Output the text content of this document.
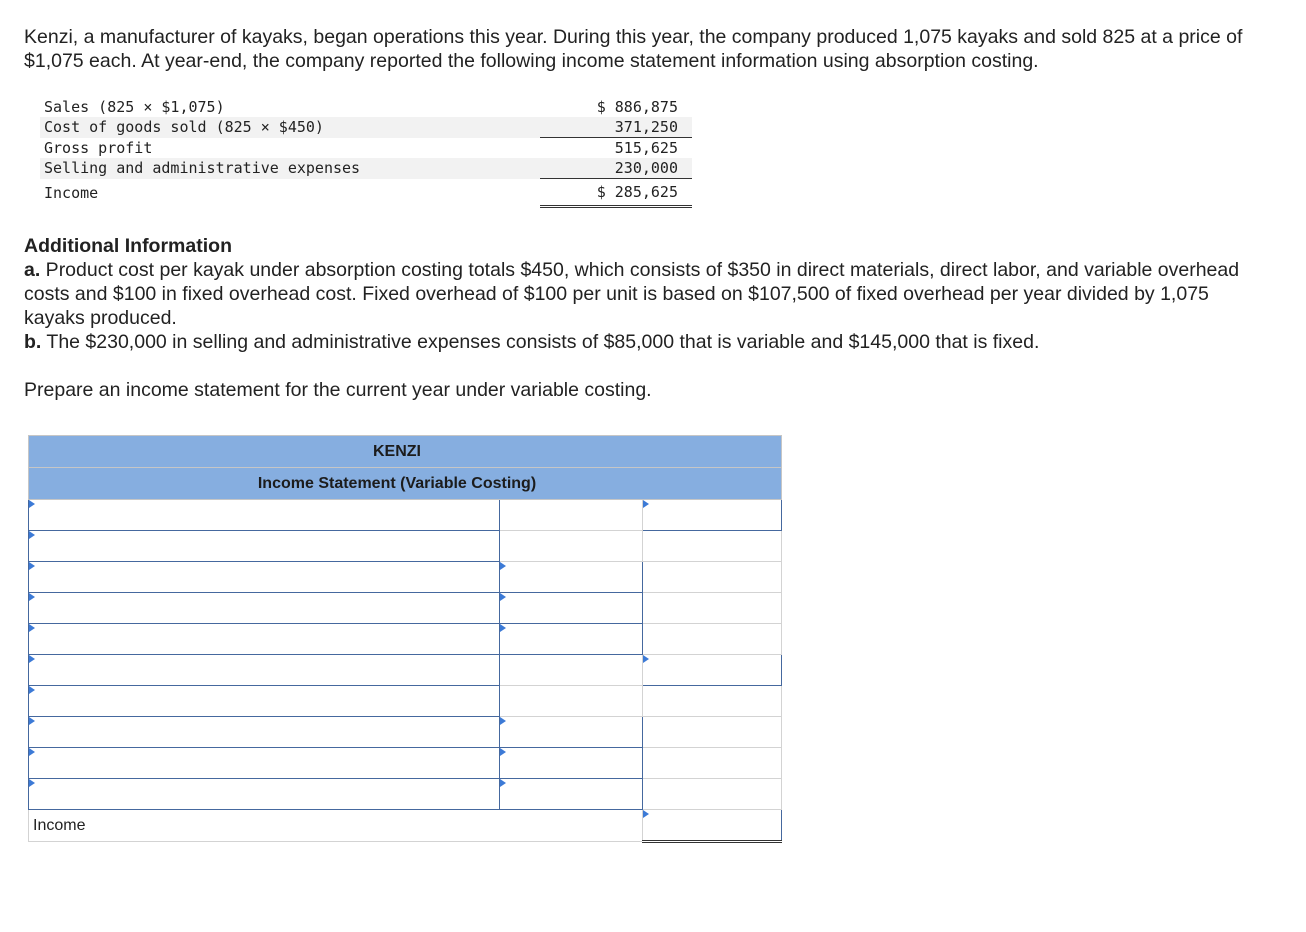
Kenzi, a manufacturer of kayaks, began operations this year. During this year, the company produced 1,075 kayaks and sold 825 at a price of $1,075 each. At year-end, the company reported the following income statement information using absorption costing.

Sales (825 × $1,075)		$ 886,875
Cost of goods sold (825 × $450)		371,250
Gross profit		515,625
Selling and administrative expenses		230,000
Income		$ 285,625
Additional Information
a. Product cost per kayak under absorption costing totals $450, which consists of $350 in direct materials, direct labor, and variable overhead costs and $100 in fixed overhead cost. Fixed overhead of $100 per unit is based on $107,500 of fixed overhead per year divided by 1,075 kayaks produced.
b. The $230,000 in selling and administrative expenses consists of $85,000 that is variable and $145,000 that is fixed.

Prepare an income statement for the current year under variable costing.

KENZI		
Income Statement (Variable Costing)		

Income		
